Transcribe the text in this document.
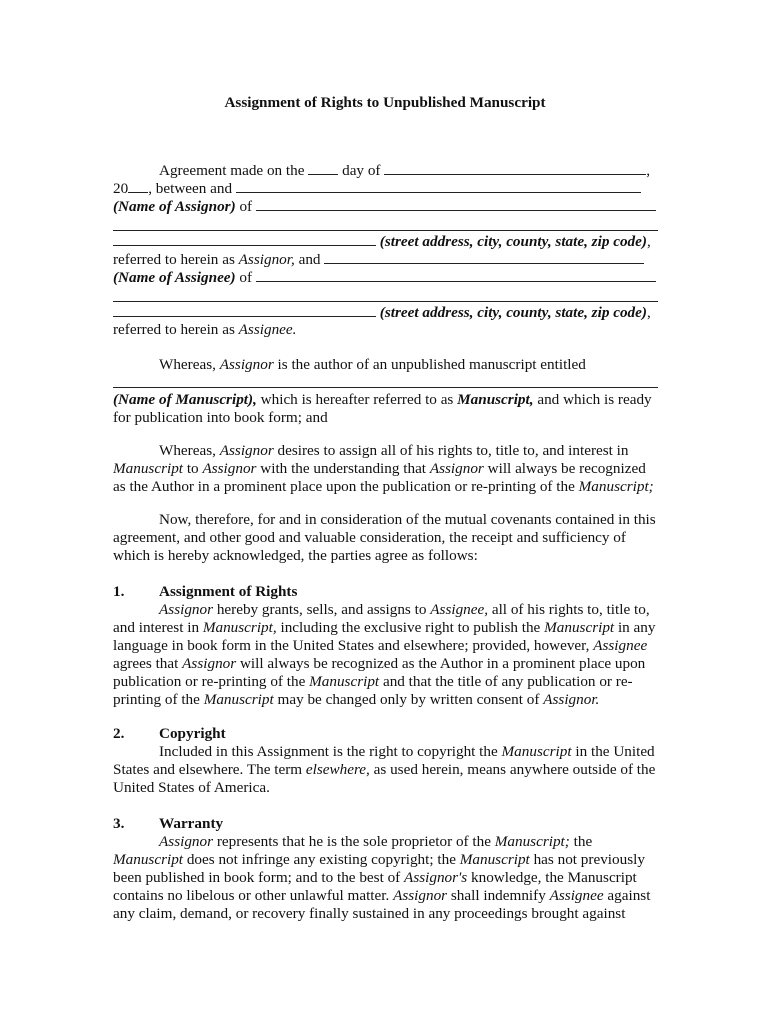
Assignment of Rights to Unpublished Manuscript
Agreement made on the day of	,
20 , between and
(Name of Assignor) of
(street address, city, county, state, zip code),
referred to herein as Assignor, and
(Name of Assignee) of
(street address, city, county, state, zip code),
referred to herein as Assignee.
Whereas, Assignor is the author of an unpublished manuscript entitled
(Name of Manuscript), which is hereafter referred to as Manuscript, and which is ready
for publication into book form; and
Whereas, Assignor desires to assign all of his rights to, title to, and interest in
Manuscript to Assignor with the understanding that Assignor will always be recognized
as the Author in a prominent place upon the publication or re-printing of the Manuscript;
Now, therefore, for and in consideration of the mutual covenants contained in this
agreement, and other good and valuable consideration, the receipt and sufficiency of
which is hereby acknowledged, the parties agree as follows:
1. Assignment of Rights
Assignor hereby grants, sells, and assigns to Assignee, all of his rights to, title to,
and interest in Manuscript, including the exclusive right to publish the Manuscript in any
language in book form in the United States and elsewhere; provided, however, Assignee
agrees that Assignor will always be recognized as the Author in a prominent place upon
publication or re-printing of the Manuscript and that the title of any publication or re-
printing of the Manuscript may be changed only by written consent of Assignor.
2. Copyright
Included in this Assignment is the right to copyright the Manuscript in the United
States and elsewhere. The term elsewhere, as used herein, means anywhere outside of the
United States of America.
3. Warranty
Assignor represents that he is the sole proprietor of the Manuscript; the
Manuscript does not infringe any existing copyright; the Manuscript has not previously
been published in book form; and to the best of Assignor's knowledge, the Manuscript
contains no libelous or other unlawful matter. Assignor shall indemnify Assignee against
any claim, demand, or recovery finally sustained in any proceedings brought against
